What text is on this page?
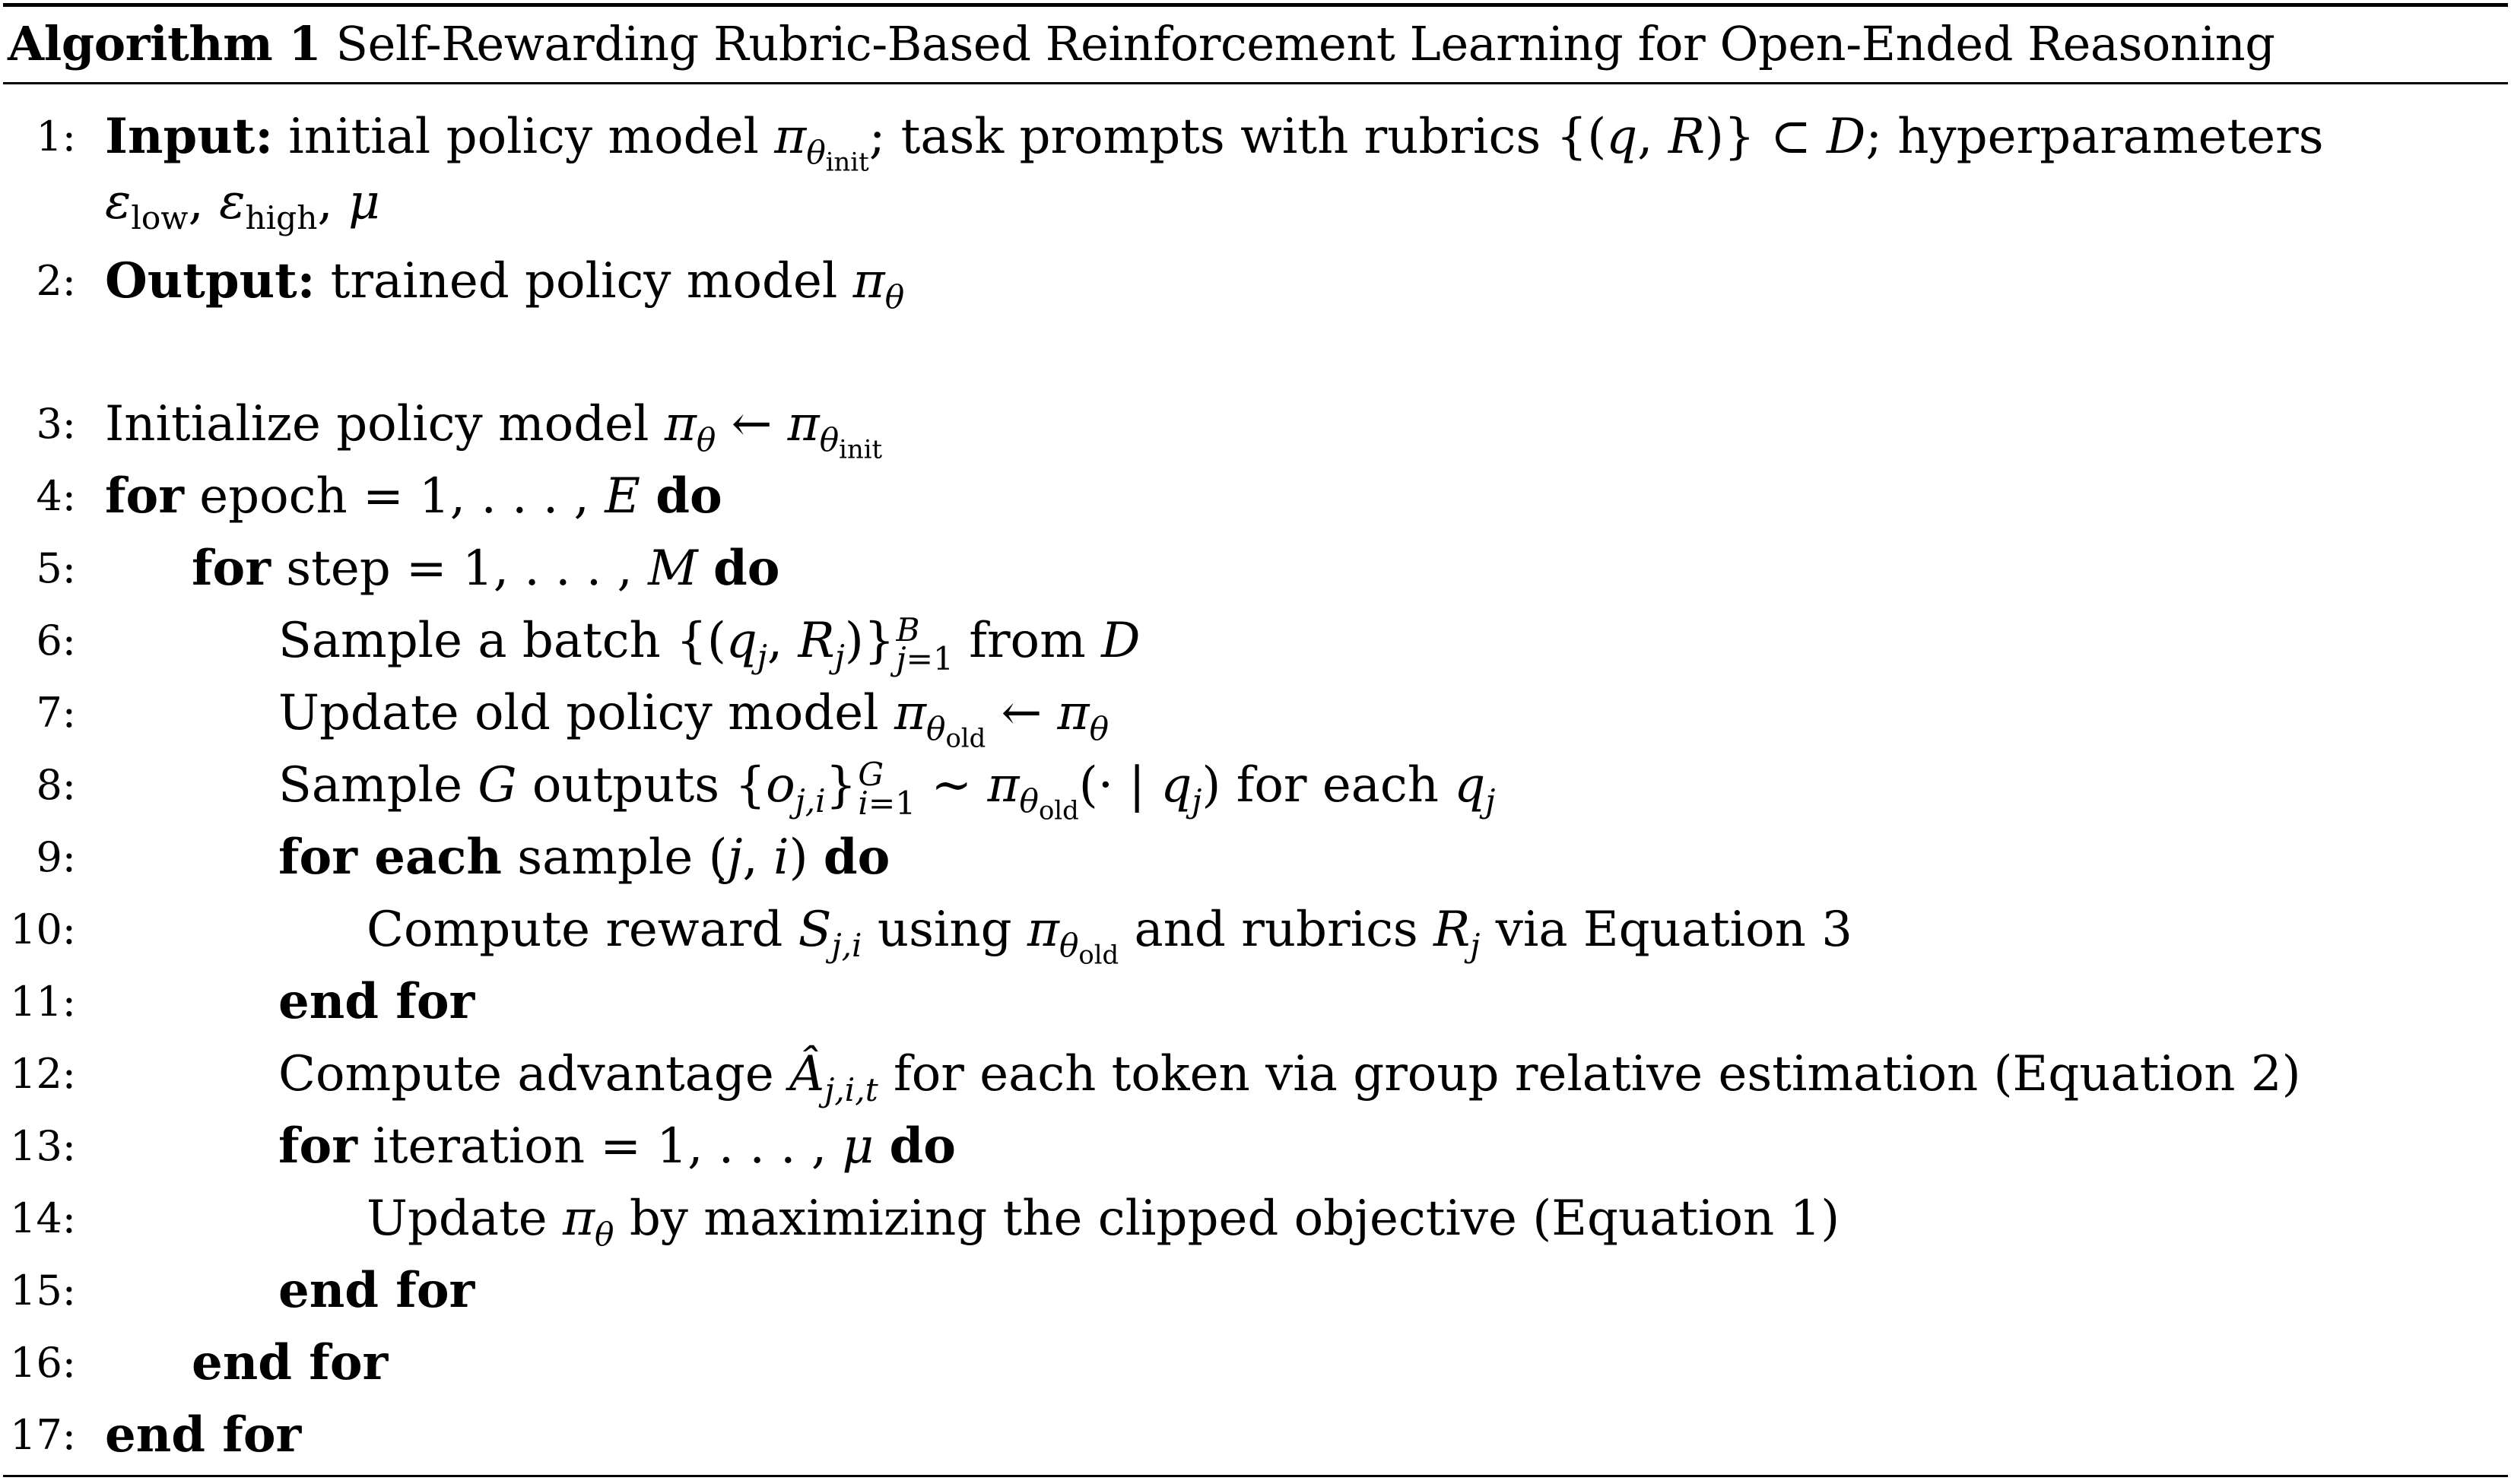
Algorithm 1 Self-Rewarding Rubric-Based Reinforcement Learning for Open-Ended Reasoning
1: Input: initial policy model $\pi_{\theta_{init}}$; task prompts with rubrics {(q, R)} ⊂ D; hyperparameters
$\varepsilon_{low}$, $\varepsilon_{high}$, μ
2: Output: trained policy model $\pi_\theta$
3: Initialize policy model $\pi_\theta$ ← $\pi_{\theta_{init}}$
4: for epoch = 1, . . . , E do
5: for step = 1, . . . , M do
6:	Sample a batch {($q_j$, $R_j$)} B
j=1 from D
7:	Update old policy model $\pi_{\theta_{old}}$ ← $\pi_\theta$
8:	Sample G outputs $\{o_{j,i}\}$ G
i=1 ∼ $\pi_{\theta_{old}}(\cdot$ | $q_j$) for each $q_j$
9:	for each sample (j, i) do
10:	Compute reward $S_{j,i}$ using $\pi_{\theta_{old}}$ and rubrics $R_j$ via Equation 3
11:	end for
12:	Compute advantage $Â_{j,i,t}$ for each token via group relative estimation (Equation 2)
13:	for iteration = 1, . . . , μ do
14:	Update $\pi_\theta$ by maximizing the clipped objective (Equation 1)
15:	end for
16: end for
17: end for
